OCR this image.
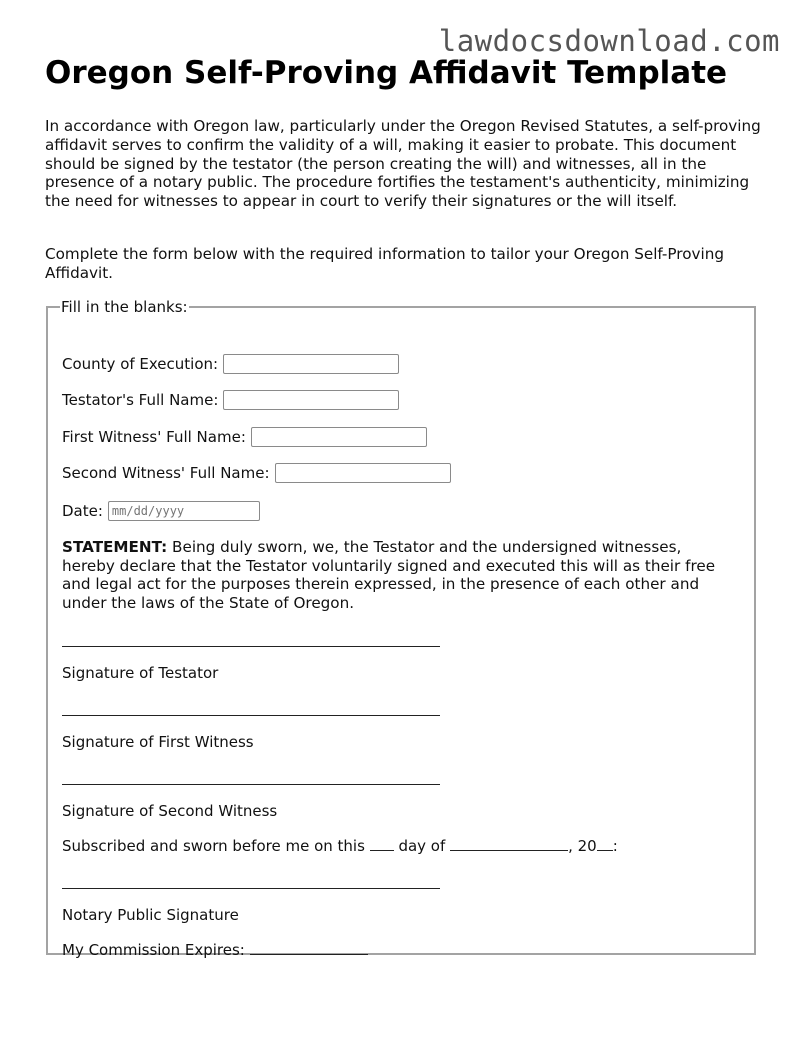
lawdocsdownload.com
Oregon Self-Proving Affidavit Template

In accordance with Oregon law, particularly under the Oregon Revised Statutes, a self-proving affidavit serves to confirm the validity of a will, making it easier to probate. This document should be signed by the testator (the person creating the will) and witnesses, all in the presence of a notary public. The procedure fortifies the testament's authenticity, minimizing the need for witnesses to appear in court to verify their signatures or the will itself.

Complete the form below with the required information to tailor your Oregon Self-Proving Affidavit.

Fill in the blanks:
County of Execution:
Testator's Full Name:
First Witness' Full Name:
Second Witness' Full Name:
Date:
mm/dd/yyyy

STATEMENT: Being duly sworn, we, the Testator and the undersigned witnesses, hereby declare that the Testator voluntarily signed and executed this will as their free and legal act for the purposes therein expressed, in the presence of each other and under the laws of the State of Oregon.

Signature of Testator
Signature of First Witness
Signature of Second Witness
Subscribed and sworn before me on this day of	, 20 :
Notary Public Signature
My Commission Expires:
